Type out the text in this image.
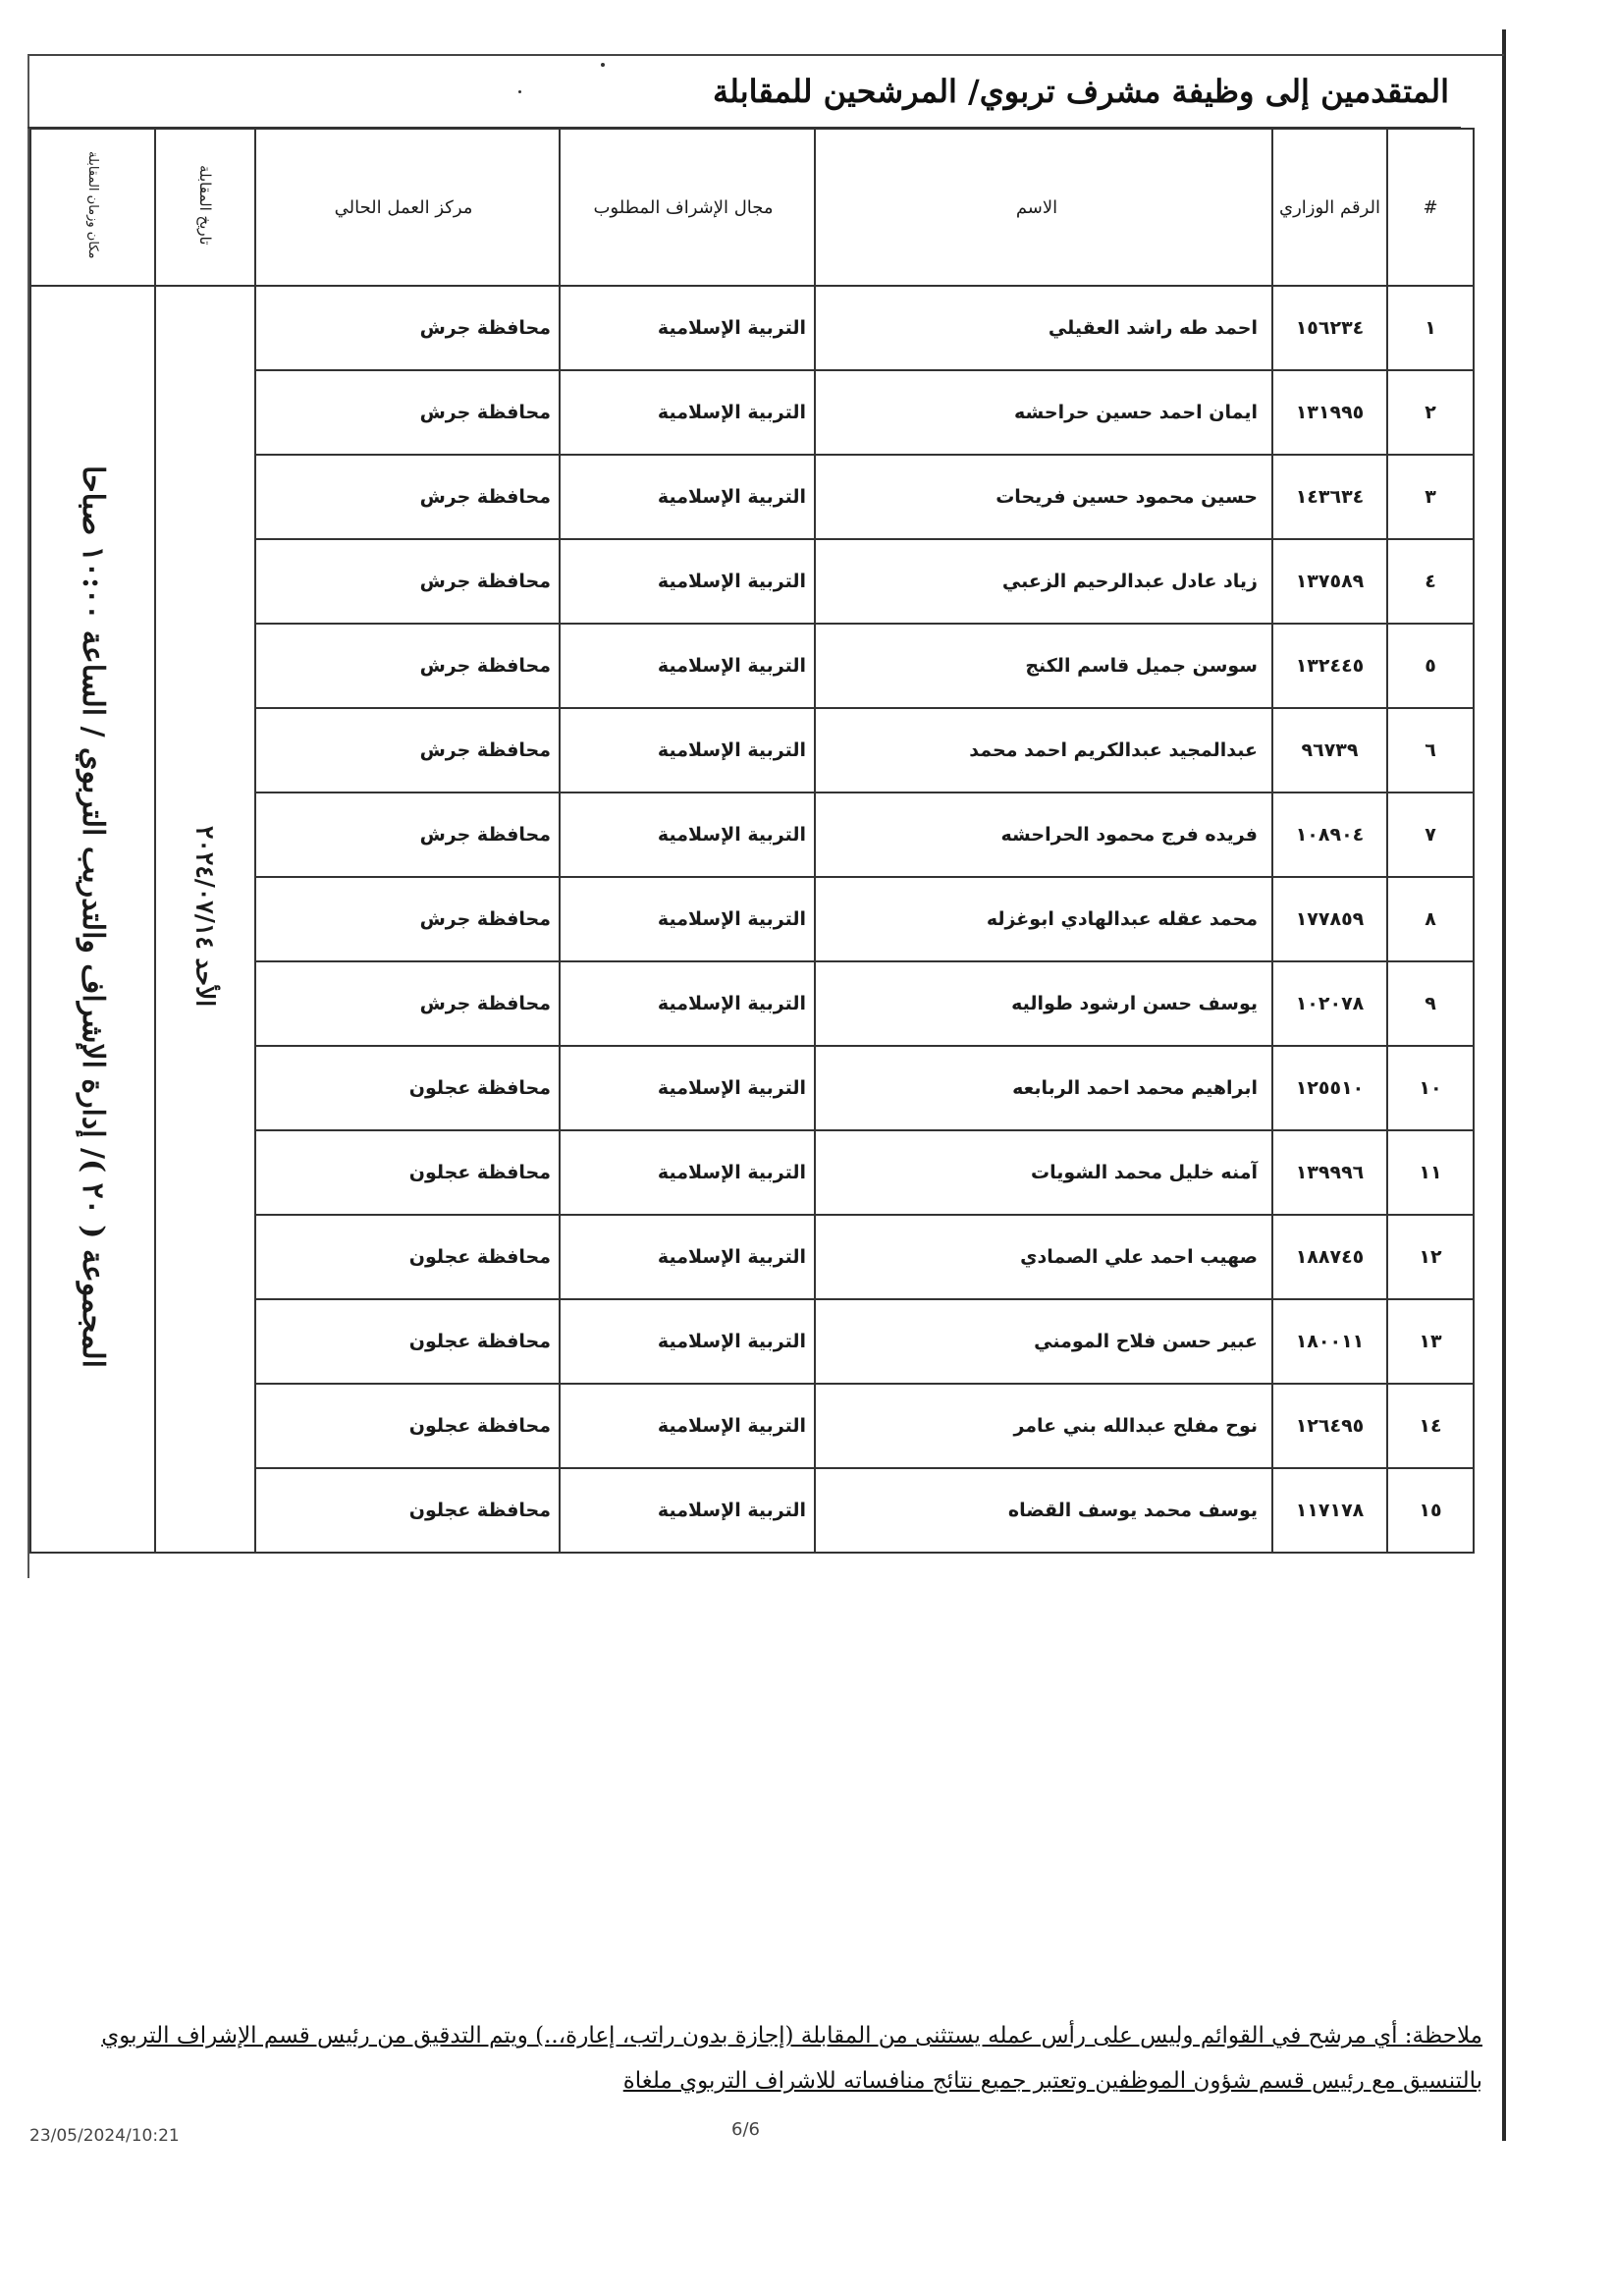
المتقدمين إلى وظيفة مشرف تربوي/ المرشحين للمقابلة
#	الرقم الوزاري	الاسم	مجال الإشراف المطلوب	مركز العمل الحالي	تاريخ المقابلة	مكان وزمان المقابلة
١	١٥٦٢٣٤	احمد طه راشد العقيلي	التربية الإسلامية	محافظة جرش	الأحد ٢٠٢٤/٠٧/١٤	المجموعة ( ٢٠ )/ إدارة الإشراف والتدريب التربوي / الساعة ١٠:٠٠ صباحا
٢	١٣١٩٩٥	ايمان احمد حسين حراحشه	التربية الإسلامية	محافظة جرش		
٣	١٤٣٦٣٤	حسين محمود حسين فريحات	التربية الإسلامية	محافظة جرش		
٤	١٣٧٥٨٩	زياد عادل عبدالرحيم الزعبي	التربية الإسلامية	محافظة جرش		
٥	١٣٢٤٤٥	سوسن جميل قاسم الكنج	التربية الإسلامية	محافظة جرش		
٦	٩٦٧٣٩	عبدالمجيد عبدالكريم احمد محمد	التربية الإسلامية	محافظة جرش		
٧	١٠٨٩٠٤	فريده فرج محمود الحراحشه	التربية الإسلامية	محافظة جرش		
٨	١٧٧٨٥٩	محمد عقله عبدالهادي ابوغزله	التربية الإسلامية	محافظة جرش		
٩	١٠٢٠٧٨	يوسف حسن ارشود طواليه	التربية الإسلامية	محافظة جرش		
١٠	١٢٥٥١٠	ابراهيم محمد احمد الربابعه	التربية الإسلامية	محافظة عجلون		
١١	١٣٩٩٩٦	آمنه خليل محمد الشويات	التربية الإسلامية	محافظة عجلون		
١٢	١٨٨٧٤٥	صهيب احمد علي الصمادي	التربية الإسلامية	محافظة عجلون		
١٣	١٨٠٠١١	عبير حسن فلاح المومني	التربية الإسلامية	محافظة عجلون		
١٤	١٢٦٤٩٥	نوح مفلح عبدالله بني عامر	التربية الإسلامية	محافظة عجلون		
١٥	١١٧١٧٨	يوسف محمد يوسف القضاه	التربية الإسلامية	محافظة عجلون		
ملاحظة: أي مرشح في القوائم وليس على رأس عمله يستثنى من المقابلة (إجازة بدون راتب، إعارة،..) ويتم التدقيق من رئيس قسم الإشراف التربوي بالتنسيق مع رئيس قسم شؤون الموظفين وتعتبر جميع نتائج منافساته للاشراف التربوي ملغاة
6/6
23/05/2024/10:21
